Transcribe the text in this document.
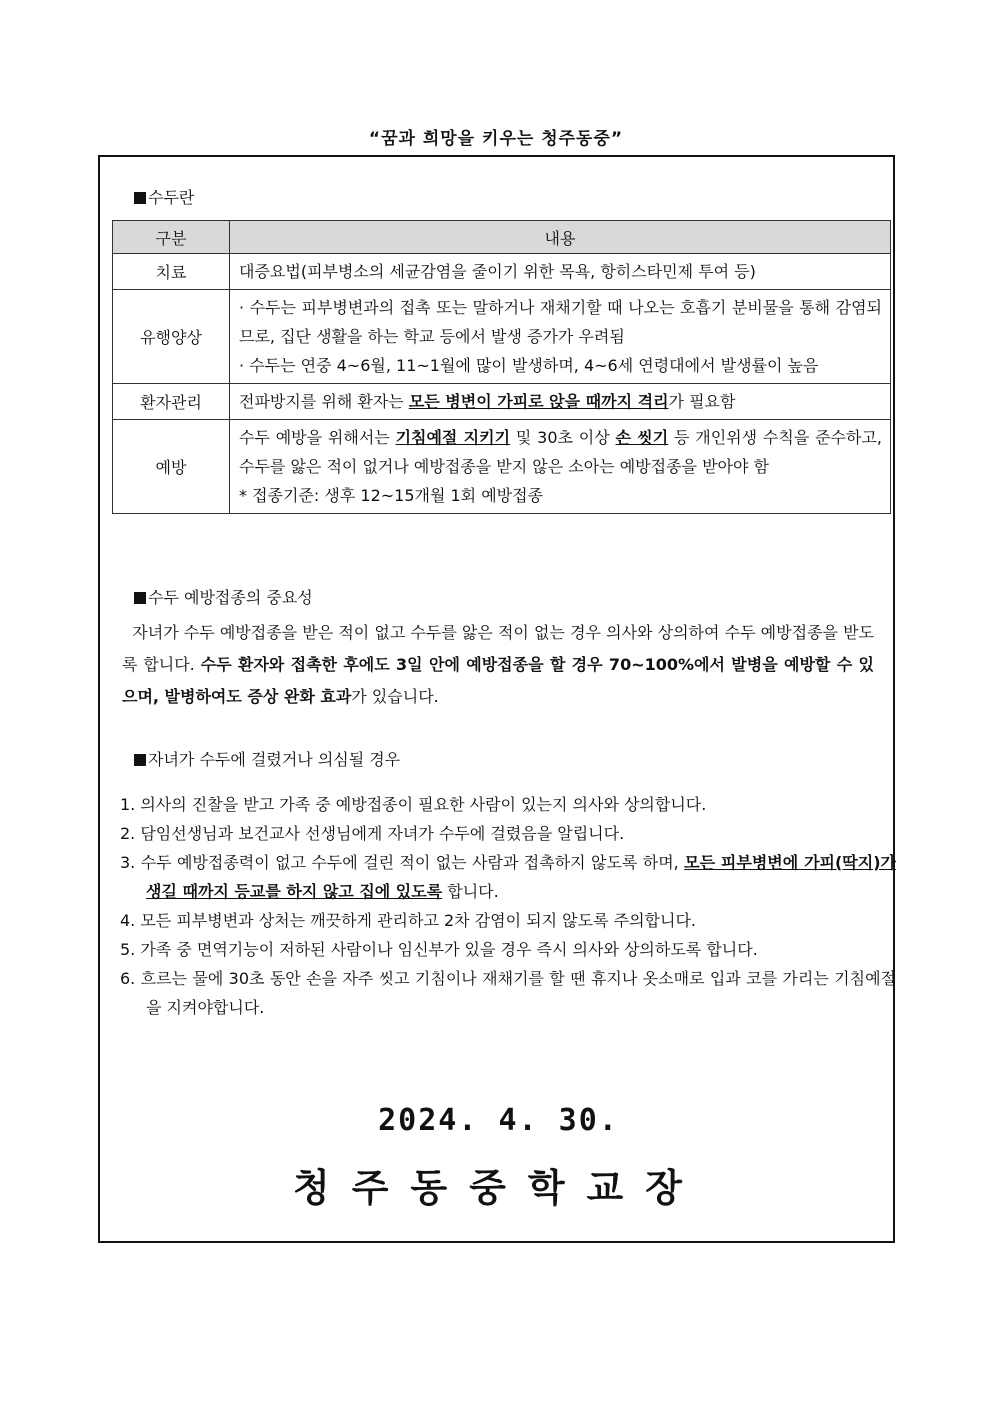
“꿈과 희망을 키우는 청주동중”
수두란
구분	내용
치료	대증요법(피부병소의 세균감염을 줄이기 위한 목욕, 항히스타민제 투여 등)
유행양상	· 수두는 피부병변과의 접촉 또는 말하거나 재채기할 때 나오는 호흡기 분비물을 통해 감염되므로, 집단 생활을 하는 학교 등에서 발생 증가가 우려됨
· 수두는 연중 4~6월, 11~1월에 많이 발생하며, 4~6세 연령대에서 발생률이 높음

환자관리	전파방지를 위해 환자는 모든 병변이 가피로 앉을 때까지 격리가 필요함
예방	수두 예방을 위해서는 기침예절 지키기 및 30초 이상 손 씻기 등 개인위생 수칙을 준수하고, 수두를 앓은 적이 없거나 예방접종을 받지 않은 소아는 예방접종을 받아야 함
* 접종기준: 생후 12~15개월 1회 예방접종
수두 예방접종의 중요성

자녀가 수두 예방접종을 받은 적이 없고 수두를 앓은 적이 없는 경우 의사와 상의하여 수두 예방접종을 받도록 합니다. 수두 환자와 접촉한 후에도 3일 안에 예방접종을 할 경우 70~100%에서 발병을 예방할 수 있으며, 발병하여도 증상 완화 효과가 있습니다.

자녀가 수두에 걸렸거나 의심될 경우
1. 의사의 진찰을 받고 가족 중 예방접종이 필요한 사람이 있는지 의사와 상의합니다.
2. 담임선생님과 보건교사 선생님에게 자녀가 수두에 걸렸음을 알립니다.
3. 수두 예방접종력이 없고 수두에 걸린 적이 없는 사람과 접촉하지 않도록 하며, 모든 피부병변에 가피(딱지)가 생길 때까지 등교를 하지 않고 집에 있도록 합니다.
4. 모든 피부병변과 상처는 깨끗하게 관리하고 2차 감염이 되지 않도록 주의합니다.
5. 가족 중 면역기능이 저하된 사람이나 임신부가 있을 경우 즉시 의사와 상의하도록 합니다.
6. 흐르는 물에 30초 동안 손을 자주 씻고 기침이나 재채기를 할 땐 휴지나 옷소매로 입과 코를 가리는 기침예절을 지켜야합니다.
2024. 4. 30.
청주동중학교장
